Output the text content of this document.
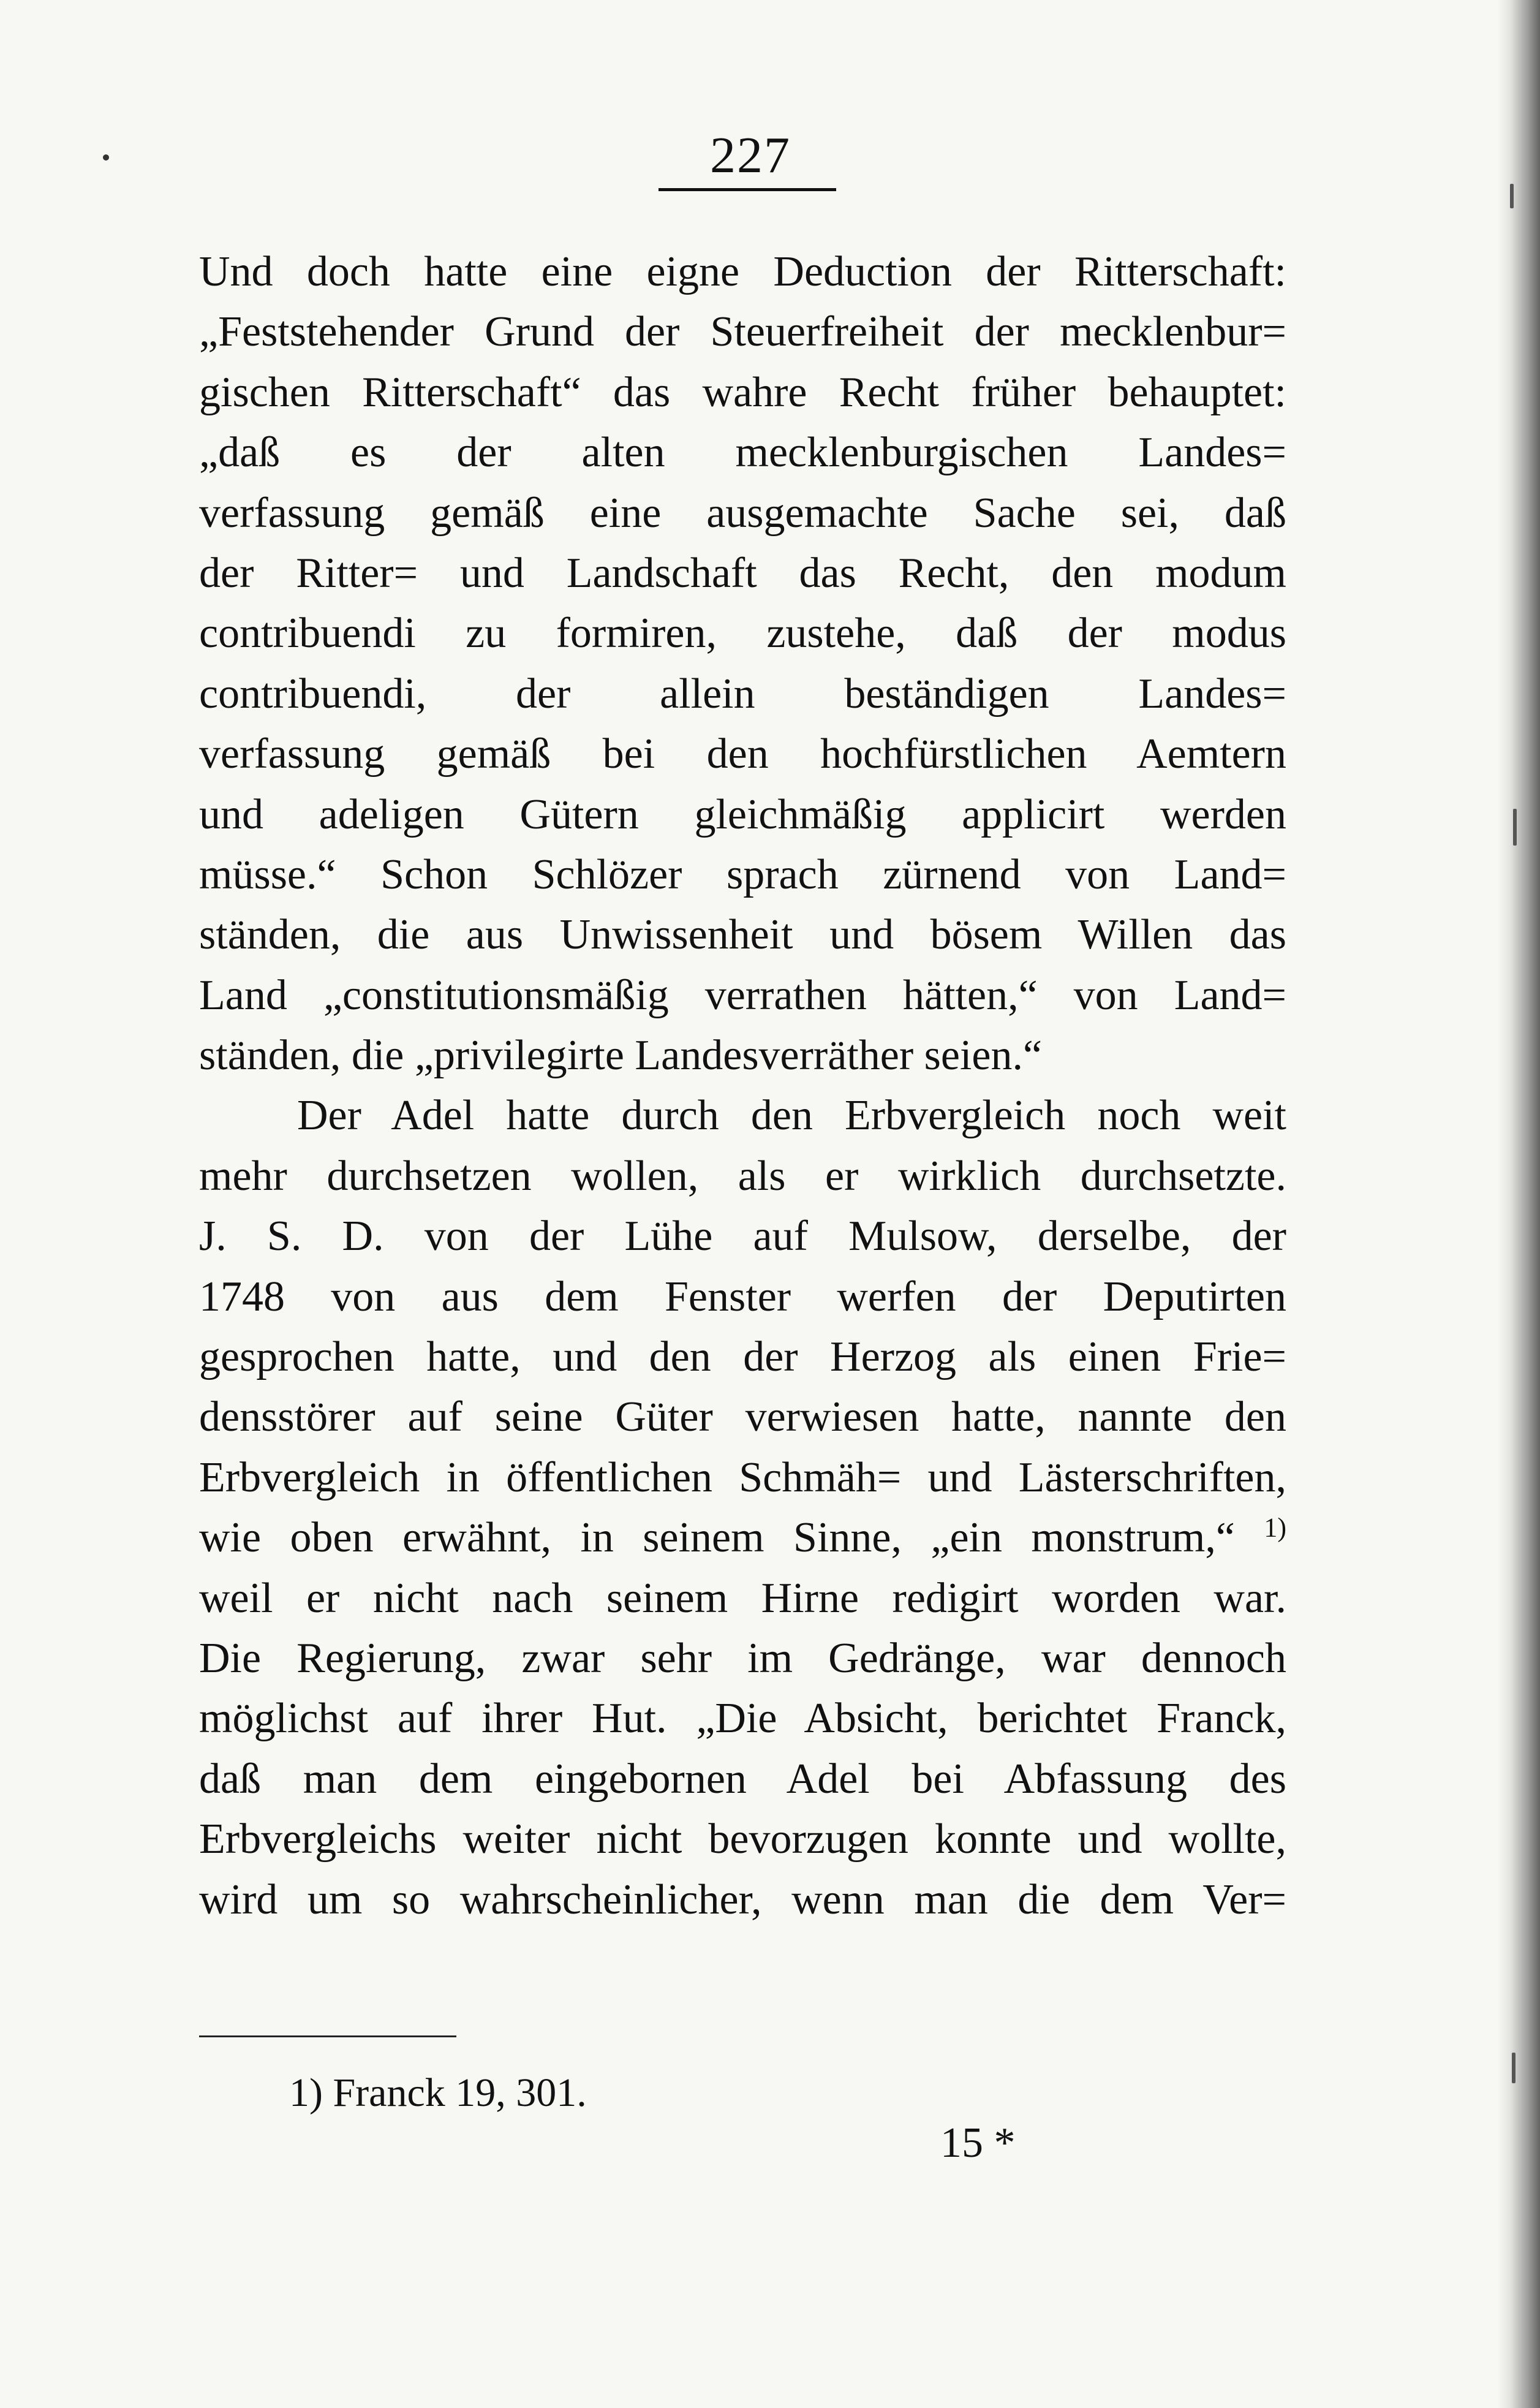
227
Und doch hatte eine eigne Deduction der Ritterschaft:
„Feststehender Grund der Steuerfreiheit der mecklenbur=
gischen Ritterschaft“ das wahre Recht früher behauptet:
„daß es der alten mecklenburgischen Landes=
verfassung gemäß eine ausgemachte Sache sei, daß
der Ritter= und Landschaft das Recht, den modum
contribuendi zu formiren, zustehe, daß der modus
contribuendi, der allein beständigen Landes=
verfassung gemäß bei den hochfürstlichen Aemtern
und adeligen Gütern gleichmäßig applicirt werden
müsse.“ Schon Schlözer sprach zürnend von Land=
ständen, die aus Unwissenheit und bösem Willen das
Land „constitutionsmäßig verrathen hätten,“ von Land=
ständen, die „privilegirte Landesverräther seien.“
Der Adel hatte durch den Erbvergleich noch weit
mehr durchsetzen wollen, als er wirklich durchsetzte.
J. S. D. von der Lühe auf Mulsow, derselbe, der
1748 von aus dem Fenster werfen der Deputirten
gesprochen hatte, und den der Herzog als einen Frie=
densstörer auf seine Güter verwiesen hatte, nannte den
Erbvergleich in öffentlichen Schmäh= und Lästerschriften,
wie oben erwähnt, in seinem Sinne, „ein monstrum,“ $^{1)}$
weil er nicht nach seinem Hirne redigirt worden war.
Die Regierung, zwar sehr im Gedränge, war dennoch
möglichst auf ihrer Hut. „Die Absicht, berichtet Franck,
daß man dem eingebornen Adel bei Abfassung des
Erbvergleichs weiter nicht bevorzugen konnte und wollte,
wird um so wahrscheinlicher, wenn man die dem Ver=
1) Franck 19, 301.
15 *
